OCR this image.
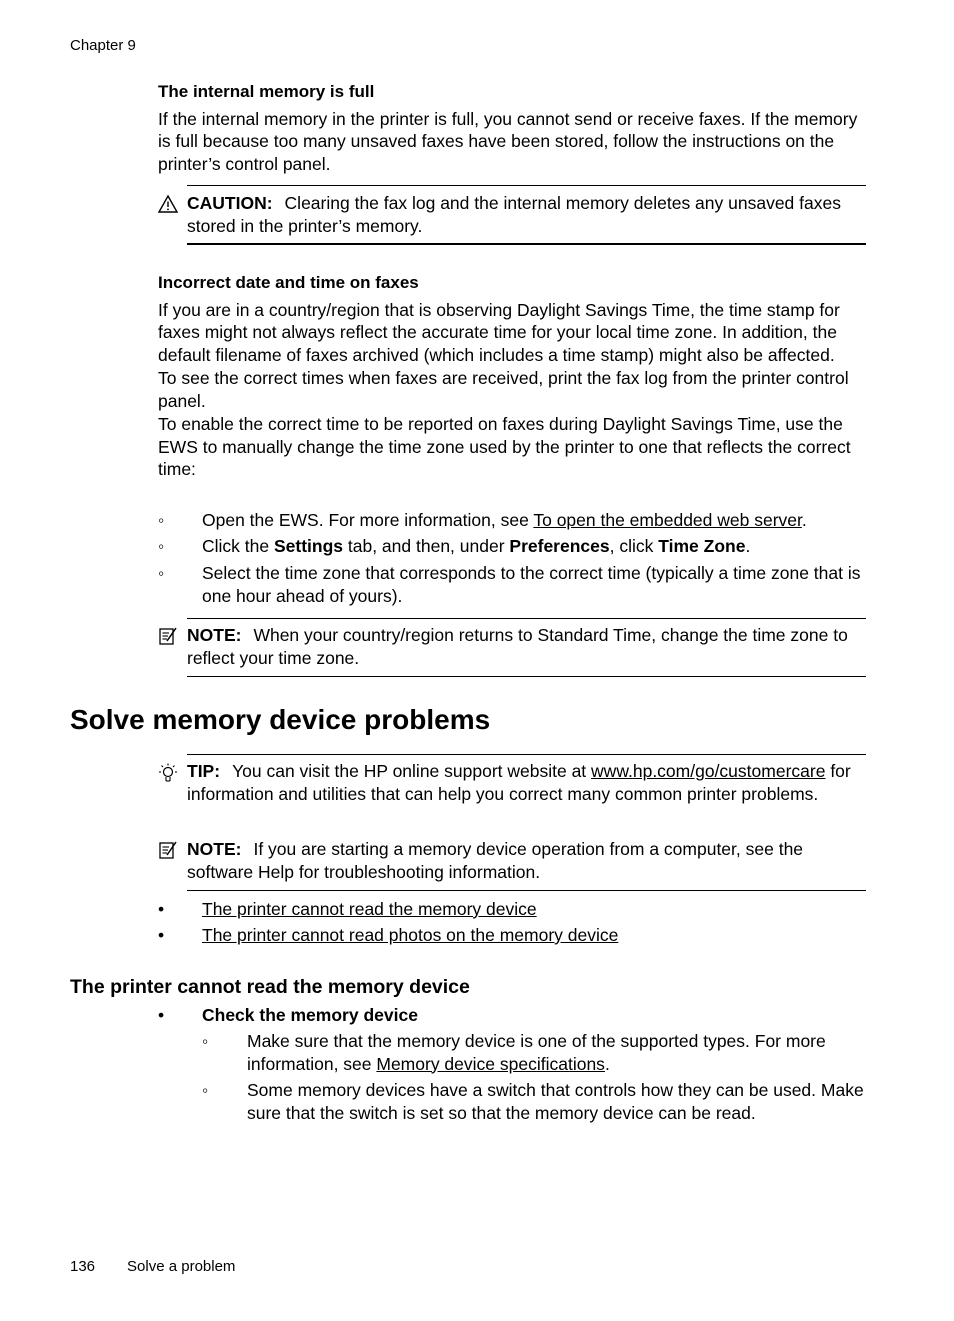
Chapter 9

The internal memory is full

If the internal memory in the printer is full, you cannot send or receive faxes. If the memory is full because too many unsaved faxes have been stored, follow the instructions on the printer’s control panel.

CAUTION: Clearing the fax log and the internal memory deletes any unsaved faxes stored in the printer’s memory.

Incorrect date and time on faxes

If you are in a country/region that is observing Daylight Savings Time, the time stamp for faxes might not always reflect the accurate time for your local time zone. In addition, the default filename of faxes archived (which includes a time stamp) might also be affected.

To see the correct times when faxes are received, print the fax log from the printer control panel.

To enable the correct time to be reported on faxes during Daylight Savings Time, use the EWS to manually change the time zone used by the printer to one that reflects the correct time:

◦ Open the EWS. For more information, see To open the embedded web server.
◦ Click the Settings tab, and then, under Preferences, click Time Zone.
◦ Select the time zone that corresponds to the correct time (typically a time zone that is one hour ahead of yours).
NOTE: When your country/region returns to Standard Time, change the time zone to reflect your time zone.
Solve memory device problems
TIP: You can visit the HP online support website at www.hp.com/go/customercare for information and utilities that can help you correct many common printer problems.
NOTE: If you are starting a memory device operation from a computer, see the software Help for troubleshooting information.
• The printer cannot read the memory device
• The printer cannot read photos on the memory device
The printer cannot read the memory device
• Check the memory device
◦ Make sure that the memory device is one of the supported types. For more information, see Memory device specifications.
◦ Some memory devices have a switch that controls how they can be used. Make sure that the switch is set so that the memory device can be read.
136 Solve a problem
